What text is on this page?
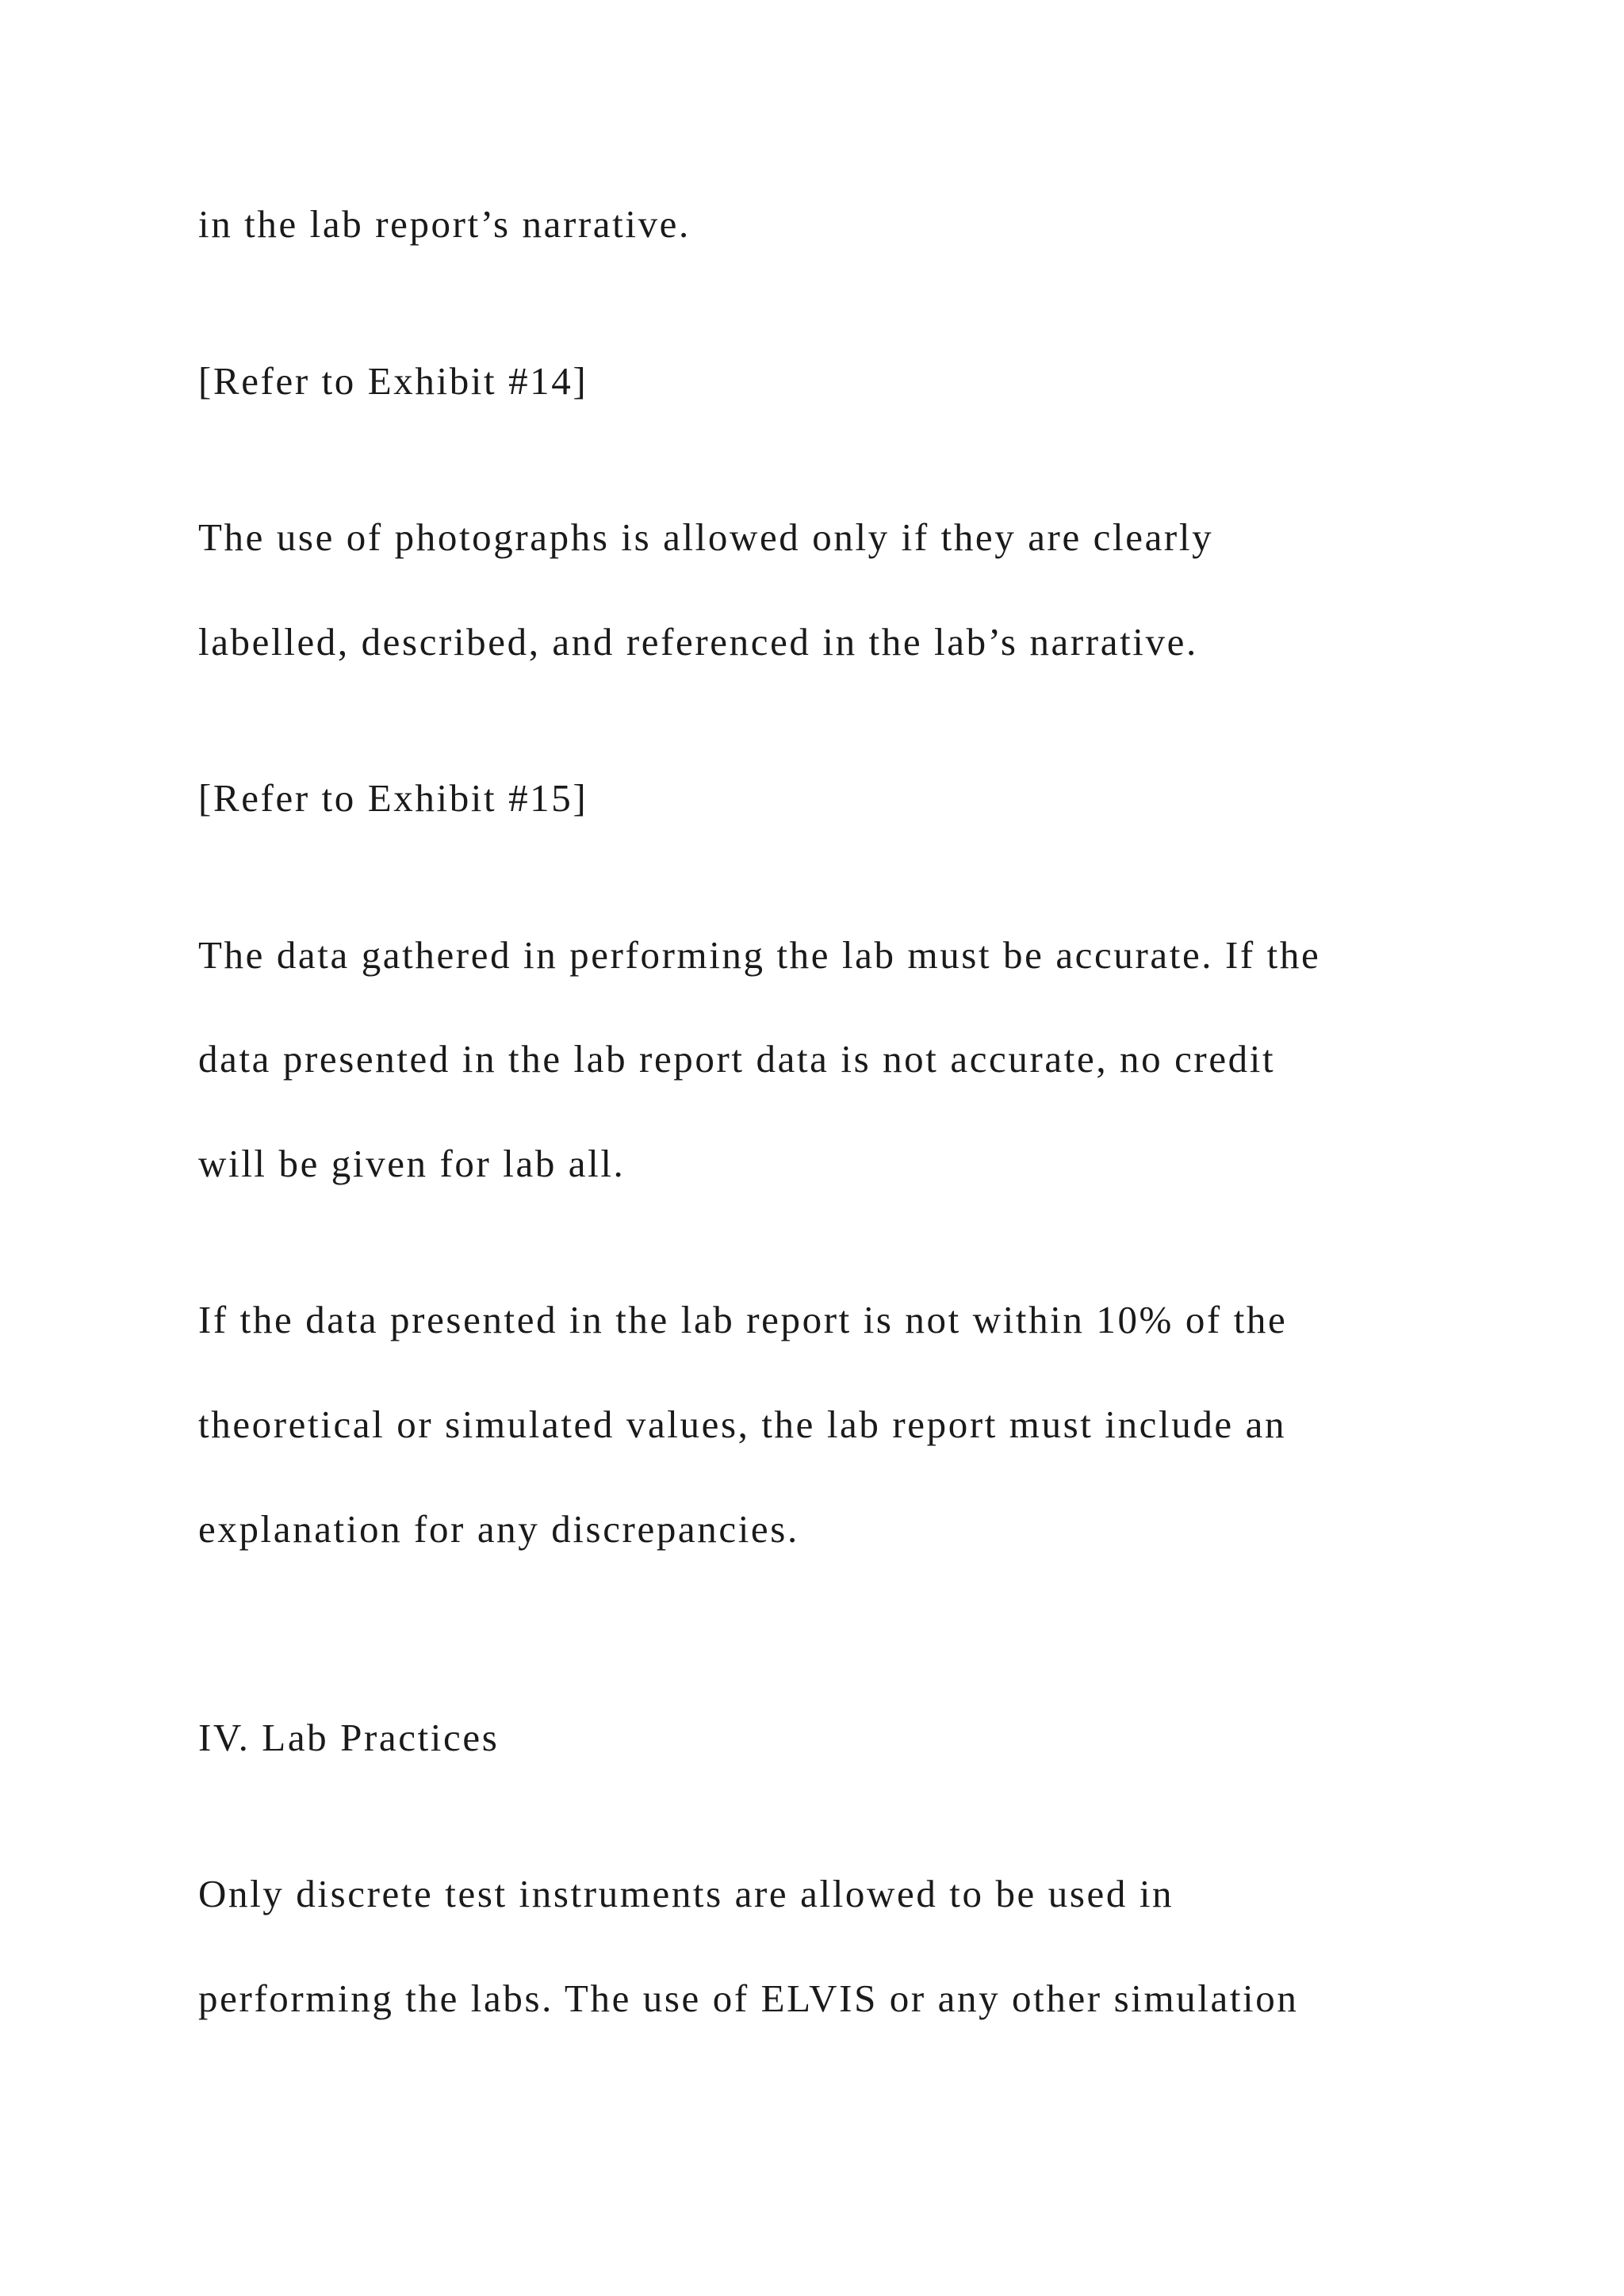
in the lab report’s narrative.
[Refer to Exhibit #14]
The use of photographs is allowed only if they are clearly
labelled, described, and referenced in the lab’s narrative.
[Refer to Exhibit #15]
The data gathered in performing the lab must be accurate. If the
data presented in the lab report data is not accurate, no credit
will be given for lab all.
If the data presented in the lab report is not within 10% of the
theoretical or simulated values, the lab report must include an
explanation for any discrepancies.
IV. Lab Practices
Only discrete test instruments are allowed to be used in
performing the labs. The use of ELVIS or any other simulation
